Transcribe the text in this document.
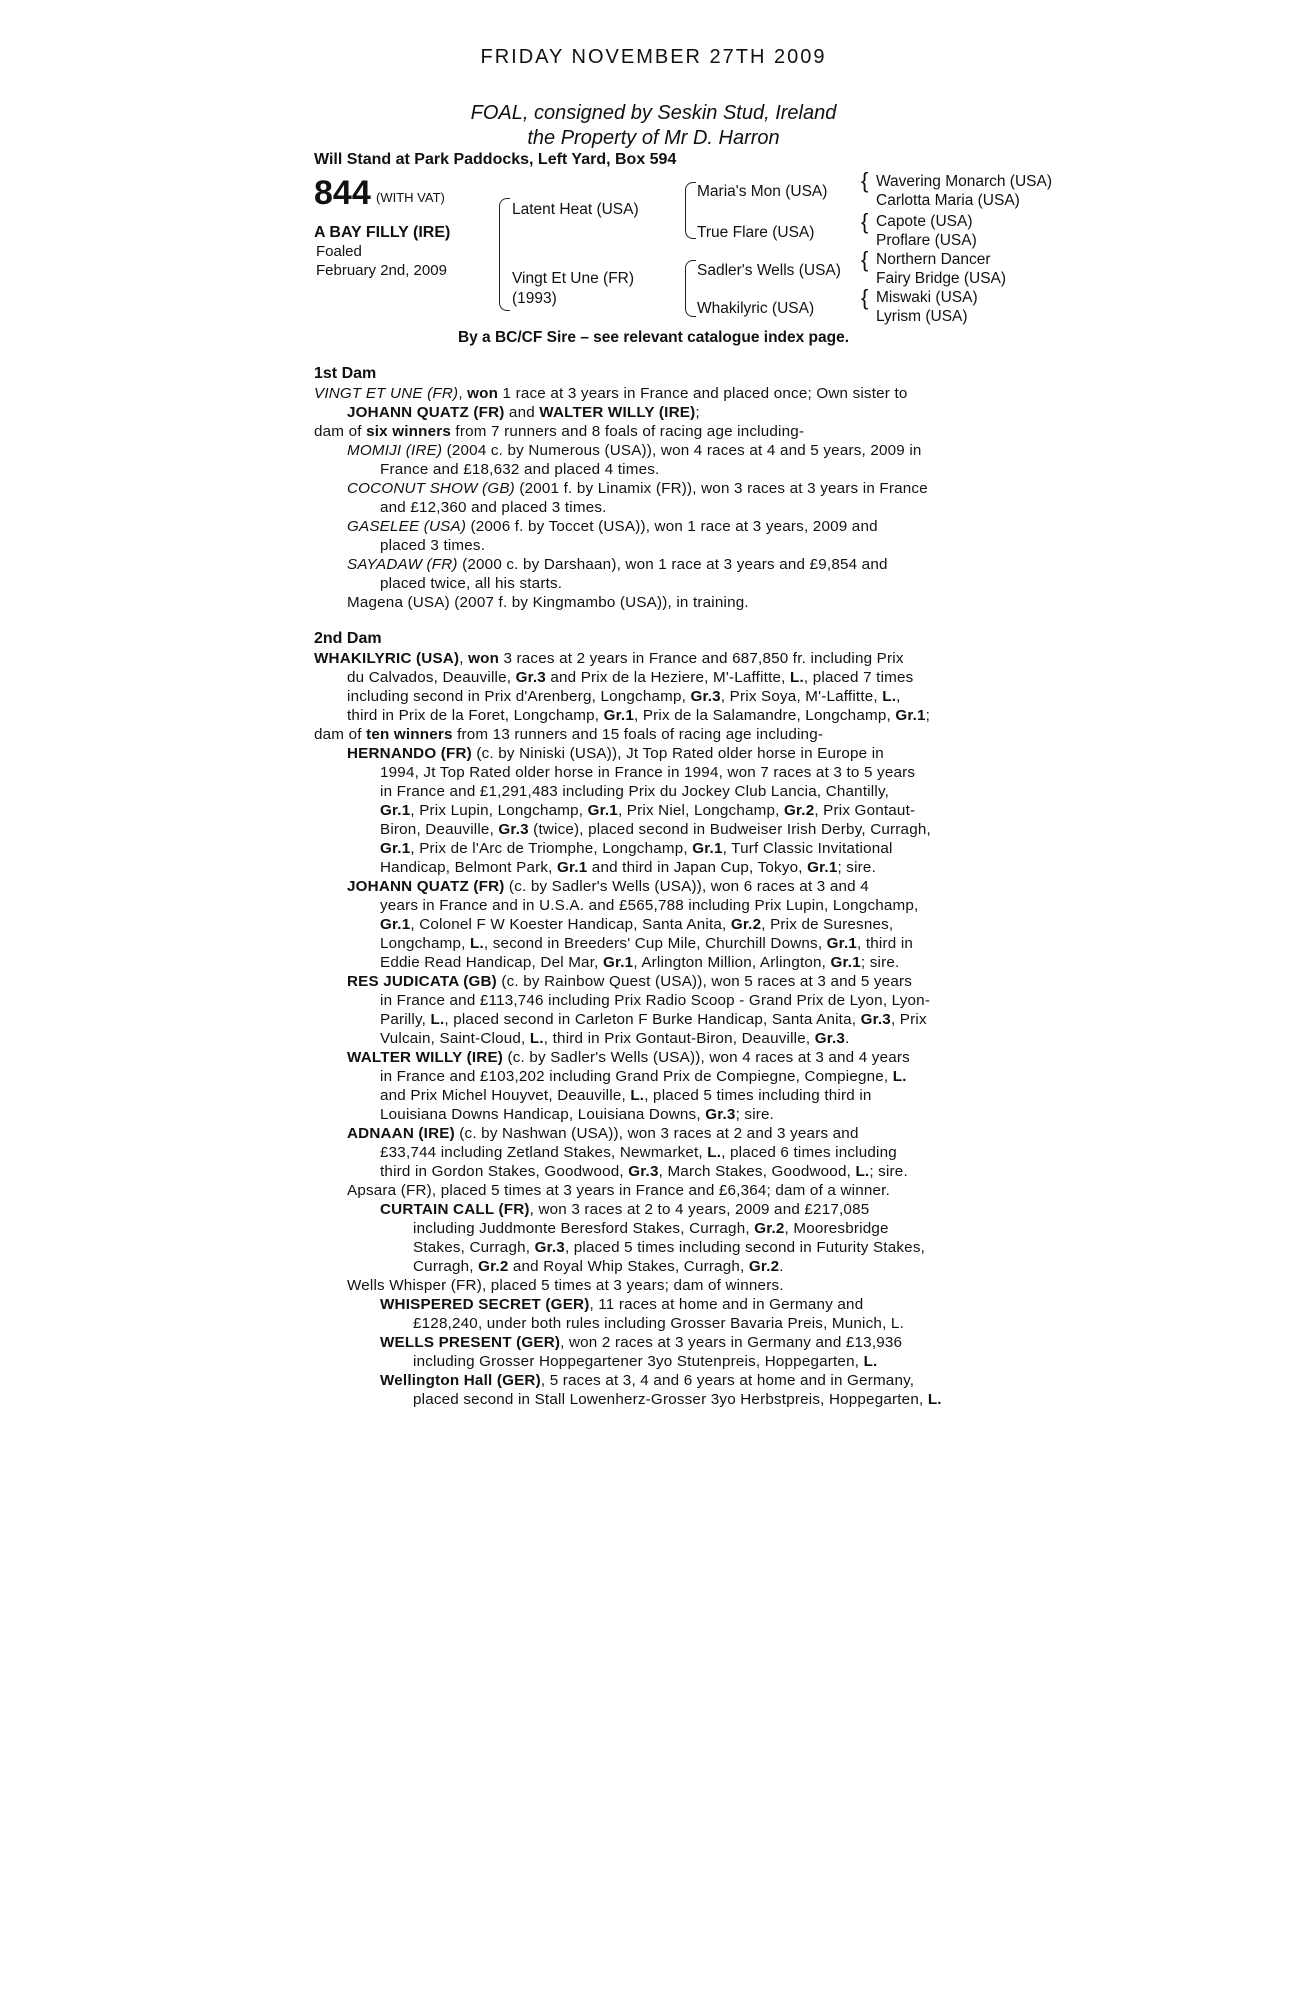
FRIDAY NOVEMBER 27TH 2009
FOAL, consigned by Seskin Stud, Ireland
the Property of Mr D. Harron
Will Stand at Park Paddocks, Left Yard, Box 594
844 (WITH VAT)
A BAY FILLY (IRE)
Foaled
February 2nd, 2009
Latent Heat (USA)
Vingt Et Une (FR)
(1993)
Maria's Mon (USA)
True Flare (USA)
Sadler's Wells (USA)
Whakilyric (USA)
{
{
{
{
Wavering Monarch (USA)
Carlotta Maria (USA)
Capote (USA)
Proflare (USA)
Northern Dancer
Fairy Bridge (USA)
Miswaki (USA)
Lyrism (USA)
By a BC/CF Sire – see relevant catalogue index page.
1st Dam
VINGT ET UNE (FR), won 1 race at 3 years in France and placed once; Own sister to
JOHANN QUATZ (FR) and WALTER WILLY (IRE);
dam of six winners from 7 runners and 8 foals of racing age including-
MOMIJI (IRE) (2004 c. by Numerous (USA)), won 4 races at 4 and 5 years, 2009 in
France and £18,632 and placed 4 times.
COCONUT SHOW (GB) (2001 f. by Linamix (FR)), won 3 races at 3 years in France
and £12,360 and placed 3 times.
GASELEE (USA) (2006 f. by Toccet (USA)), won 1 race at 3 years, 2009 and
placed 3 times.
SAYADAW (FR) (2000 c. by Darshaan), won 1 race at 3 years and £9,854 and
placed twice, all his starts.
Magena (USA) (2007 f. by Kingmambo (USA)), in training.
2nd Dam
WHAKILYRIC (USA), won 3 races at 2 years in France and 687,850 fr. including Prix
du Calvados, Deauville, Gr.3 and Prix de la Heziere, M'-Laffitte, L., placed 7 times
including second in Prix d'Arenberg, Longchamp, Gr.3, Prix Soya, M'-Laffitte, L.,
third in Prix de la Foret, Longchamp, Gr.1, Prix de la Salamandre, Longchamp, Gr.1;
dam of ten winners from 13 runners and 15 foals of racing age including-
HERNANDO (FR) (c. by Niniski (USA)), Jt Top Rated older horse in Europe in
1994, Jt Top Rated older horse in France in 1994, won 7 races at 3 to 5 years
in France and £1,291,483 including Prix du Jockey Club Lancia, Chantilly,
Gr.1, Prix Lupin, Longchamp, Gr.1, Prix Niel, Longchamp, Gr.2, Prix Gontaut-
Biron, Deauville, Gr.3 (twice), placed second in Budweiser Irish Derby, Curragh,
Gr.1, Prix de l'Arc de Triomphe, Longchamp, Gr.1, Turf Classic Invitational
Handicap, Belmont Park, Gr.1 and third in Japan Cup, Tokyo, Gr.1; sire.
JOHANN QUATZ (FR) (c. by Sadler's Wells (USA)), won 6 races at 3 and 4
years in France and in U.S.A. and £565,788 including Prix Lupin, Longchamp,
Gr.1, Colonel F W Koester Handicap, Santa Anita, Gr.2, Prix de Suresnes,
Longchamp, L., second in Breeders' Cup Mile, Churchill Downs, Gr.1, third in
Eddie Read Handicap, Del Mar, Gr.1, Arlington Million, Arlington, Gr.1; sire.
RES JUDICATA (GB) (c. by Rainbow Quest (USA)), won 5 races at 3 and 5 years
in France and £113,746 including Prix Radio Scoop - Grand Prix de Lyon, Lyon-
Parilly, L., placed second in Carleton F Burke Handicap, Santa Anita, Gr.3, Prix
Vulcain, Saint-Cloud, L., third in Prix Gontaut-Biron, Deauville, Gr.3.
WALTER WILLY (IRE) (c. by Sadler's Wells (USA)), won 4 races at 3 and 4 years
in France and £103,202 including Grand Prix de Compiegne, Compiegne, L.
and Prix Michel Houyvet, Deauville, L., placed 5 times including third in
Louisiana Downs Handicap, Louisiana Downs, Gr.3; sire.
ADNAAN (IRE) (c. by Nashwan (USA)), won 3 races at 2 and 3 years and
£33,744 including Zetland Stakes, Newmarket, L., placed 6 times including
third in Gordon Stakes, Goodwood, Gr.3, March Stakes, Goodwood, L.; sire.
Apsara (FR), placed 5 times at 3 years in France and £6,364; dam of a winner.
CURTAIN CALL (FR), won 3 races at 2 to 4 years, 2009 and £217,085
including Juddmonte Beresford Stakes, Curragh, Gr.2, Mooresbridge
Stakes, Curragh, Gr.3, placed 5 times including second in Futurity Stakes,
Curragh, Gr.2 and Royal Whip Stakes, Curragh, Gr.2.
Wells Whisper (FR), placed 5 times at 3 years; dam of winners.
WHISPERED SECRET (GER), 11 races at home and in Germany and
£128,240, under both rules including Grosser Bavaria Preis, Munich, L.
WELLS PRESENT (GER), won 2 races at 3 years in Germany and £13,936
including Grosser Hoppegartener 3yo Stutenpreis, Hoppegarten, L.
Wellington Hall (GER), 5 races at 3, 4 and 6 years at home and in Germany,
placed second in Stall Lowenherz-Grosser 3yo Herbstpreis, Hoppegarten, L.
